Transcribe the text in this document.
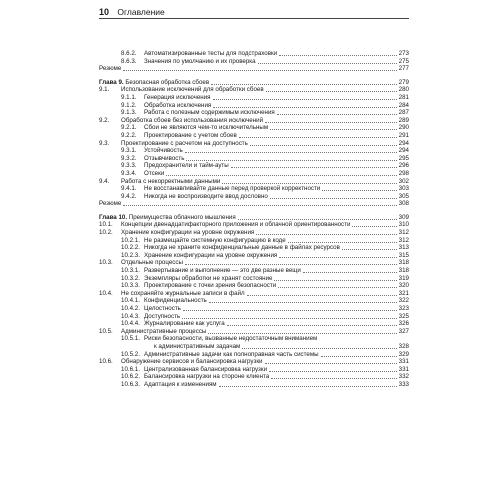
10 Оглавление
8.6.2. Автоматизированные тесты для подстраховки	273
8.6.3. Значения по умолчанию и их проверка	275
Резюме	277
Глава 9. Безопасная обработка сбоев	279
9.1. Использование исключений для обработки сбоев	280
9.1.1. Генерация исключения	281
9.1.2. Обработка исключения	284
9.1.3. Работа с полезным содержимым исключения	287
9.2. Обработка сбоев без использования исключений	289
9.2.1. Сбои не являются чем-то исключительным	290
9.2.2. Проектирование с учетом сбоев	291
9.3. Проектирование с расчетом на доступность	294
9.3.1. Устойчивость	294
9.3.2. Отзывчивость	295
9.3.3. Предохранители и тайм-ауты	296
9.3.4. Отсеки	298
9.4. Работа с некорректными данными	302
9.4.1. Не восстанавливайте данные перед проверкой корректности	303
9.4.2. Никогда не воспроизводите ввод дословно	305
Резюме	308
Глава 10. Преимущества облачного мышления	309
10.1. Концепции двенадцатифакторного приложения и облачной ориентированности	310
10.2. Хранение конфигурации на уровне окружения	312
10.2.1. Не размещайте системную конфигурацию в коде	312
10.2.2. Никогда не храните конфиденциальные данные в файлах ресурсов	313
10.2.3. Хранение конфигурации на уровне окружения	315
10.3. Отдельные процессы	318
10.3.1. Развертывание и выполнение — это две разные вещи	318
10.3.2. Экземпляры обработки не хранят состояние	319
10.3.3. Проектирование с точки зрения безопасности	320
10.4. Не сохраняйте журнальные записи в файл	321
10.4.1. Конфиденциальность	322
10.4.2. Целостность	323
10.4.3. Доступность	325
10.4.4. Журналирование как услуга	326
10.5. Административные процессы	327
10.5.1. Риски безопасности, вызванные недостаточным вниманием
к административным задачам	328
10.5.2. Административные задачи как полноправная часть системы	329
10.6. Обнаружение сервисов и балансировка нагрузки	331
10.6.1. Централизованная балансировка нагрузки	331
10.6.2. Балансировка нагрузки на стороне клиента	332
10.6.3. Адаптация к изменениям	333
